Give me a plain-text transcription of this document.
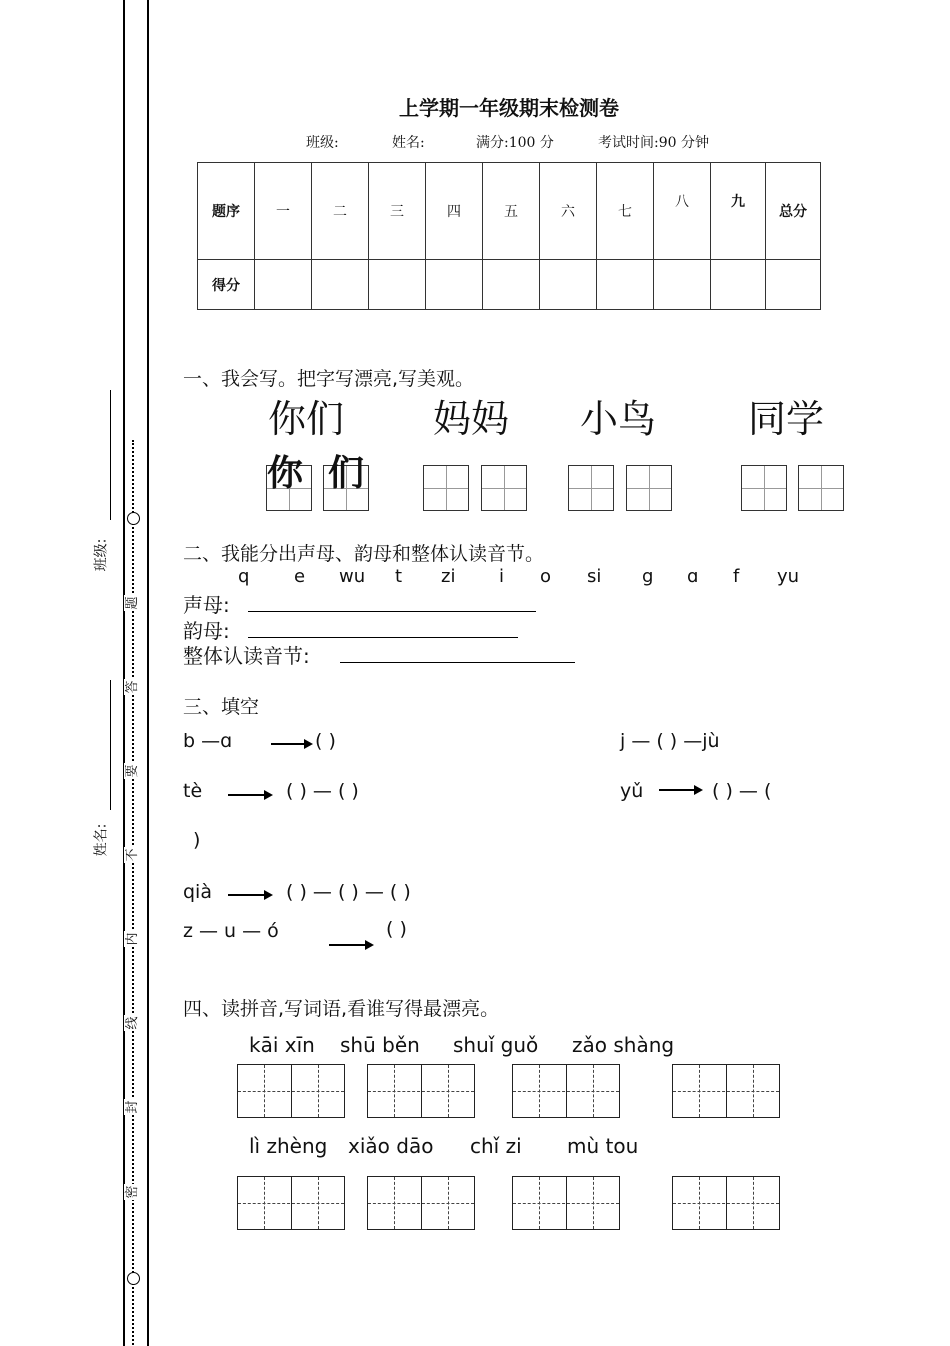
密
封
线
内
不
要
答
题
班级:
姓名:
上学期一年级期末检测卷
班级:	姓名:	满分:100 分	考试时间:90 分钟
题序	一	二	三	四	五	六	七	八	九	总分
得分										
一、我会写。把字写漂亮,写美观。
你们 妈妈 小鸟 同学
你 们
二、我能分出声母、韵母和整体认读音节。
q e wu t zi i o si g ɑ f yu
声母:
韵母:
整体认读音节:
三、填空
b —ɑ	( )	j — ( ) —jù
tè	( ) — ( )	yǔ	( ) — (
)
qià	( ) — ( ) — ( )
z — u — ó	( )
四、读拼音,写词语,看谁写得最漂亮。
kāi xīn shū běn shuǐ guǒ zǎo shàng
lì zhèng xiǎo dāo chǐ zi mù tou
